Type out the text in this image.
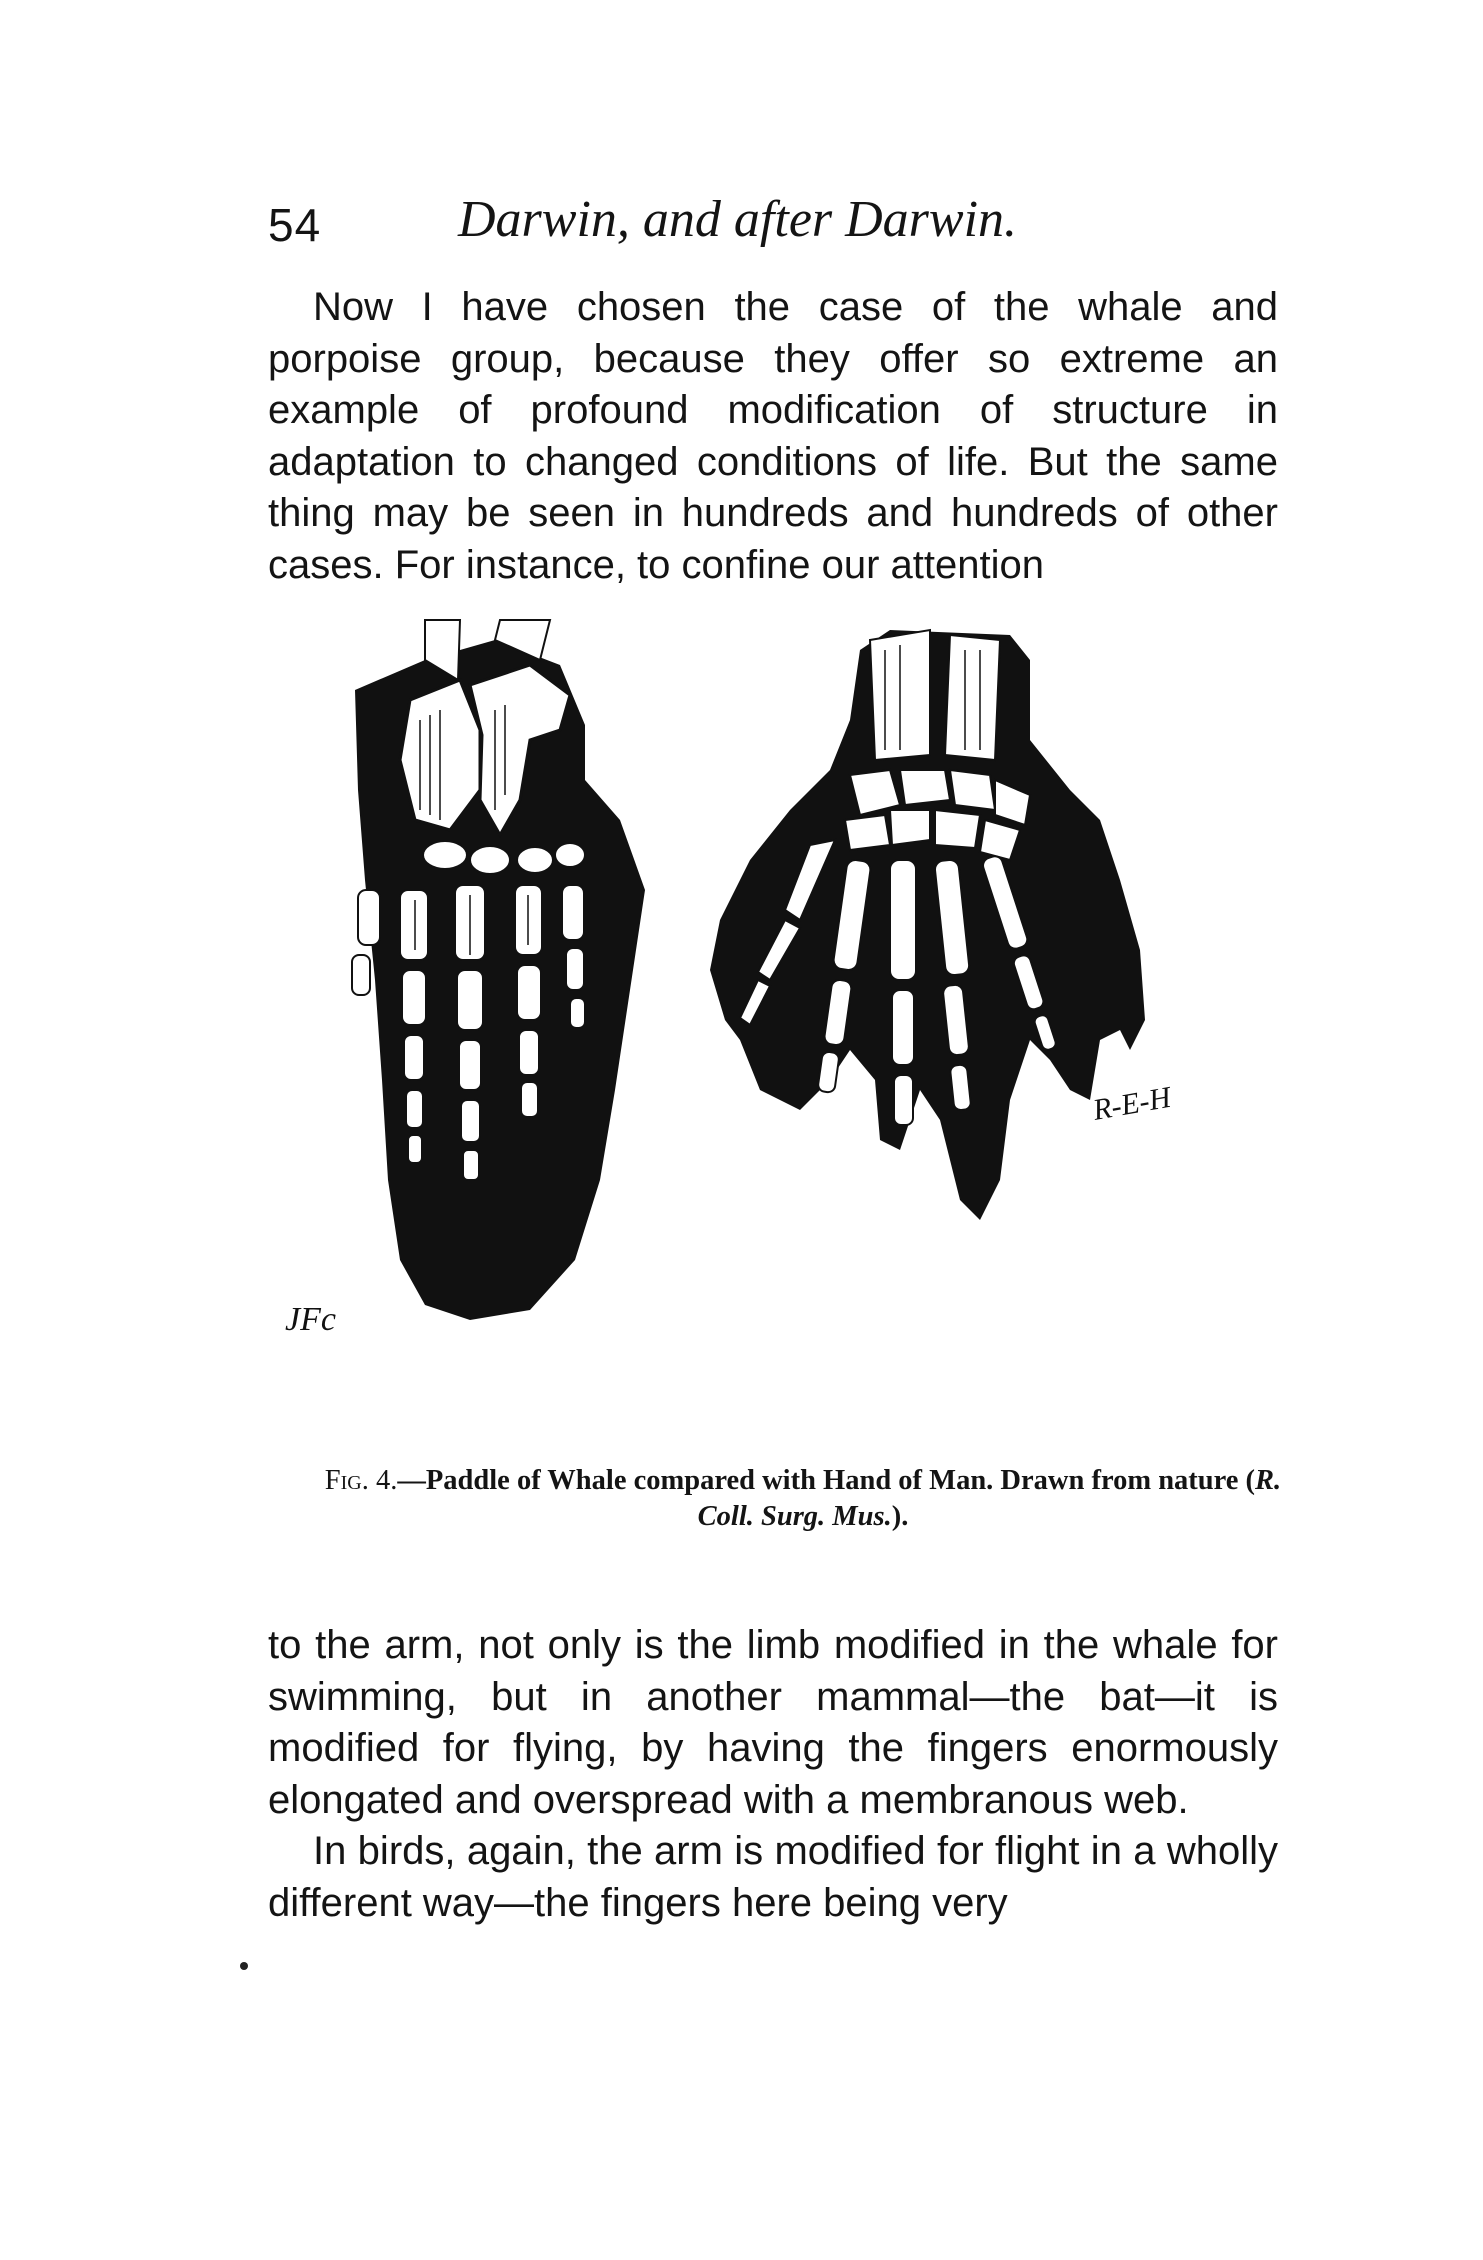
54	Darwin, and after Darwin.

Now I have chosen the case of the whale and porpoise group, because they offer so extreme an example of profound modification of structure in adaptation to changed conditions of life. But the same thing may be seen in hundreds and hundreds of other cases. For instance, to confine our attention

JFc
R-E-H
Fig. 4.—Paddle of Whale compared with Hand of Man. Drawn from nature (R. Coll. Surg. Mus.).

to the arm, not only is the limb modified in the whale for swimming, but in another mammal—the bat—it is modified for flying, by having the fingers enormously elongated and overspread with a membranous web.

In birds, again, the arm is modified for flight in a wholly different way—the fingers here being very
